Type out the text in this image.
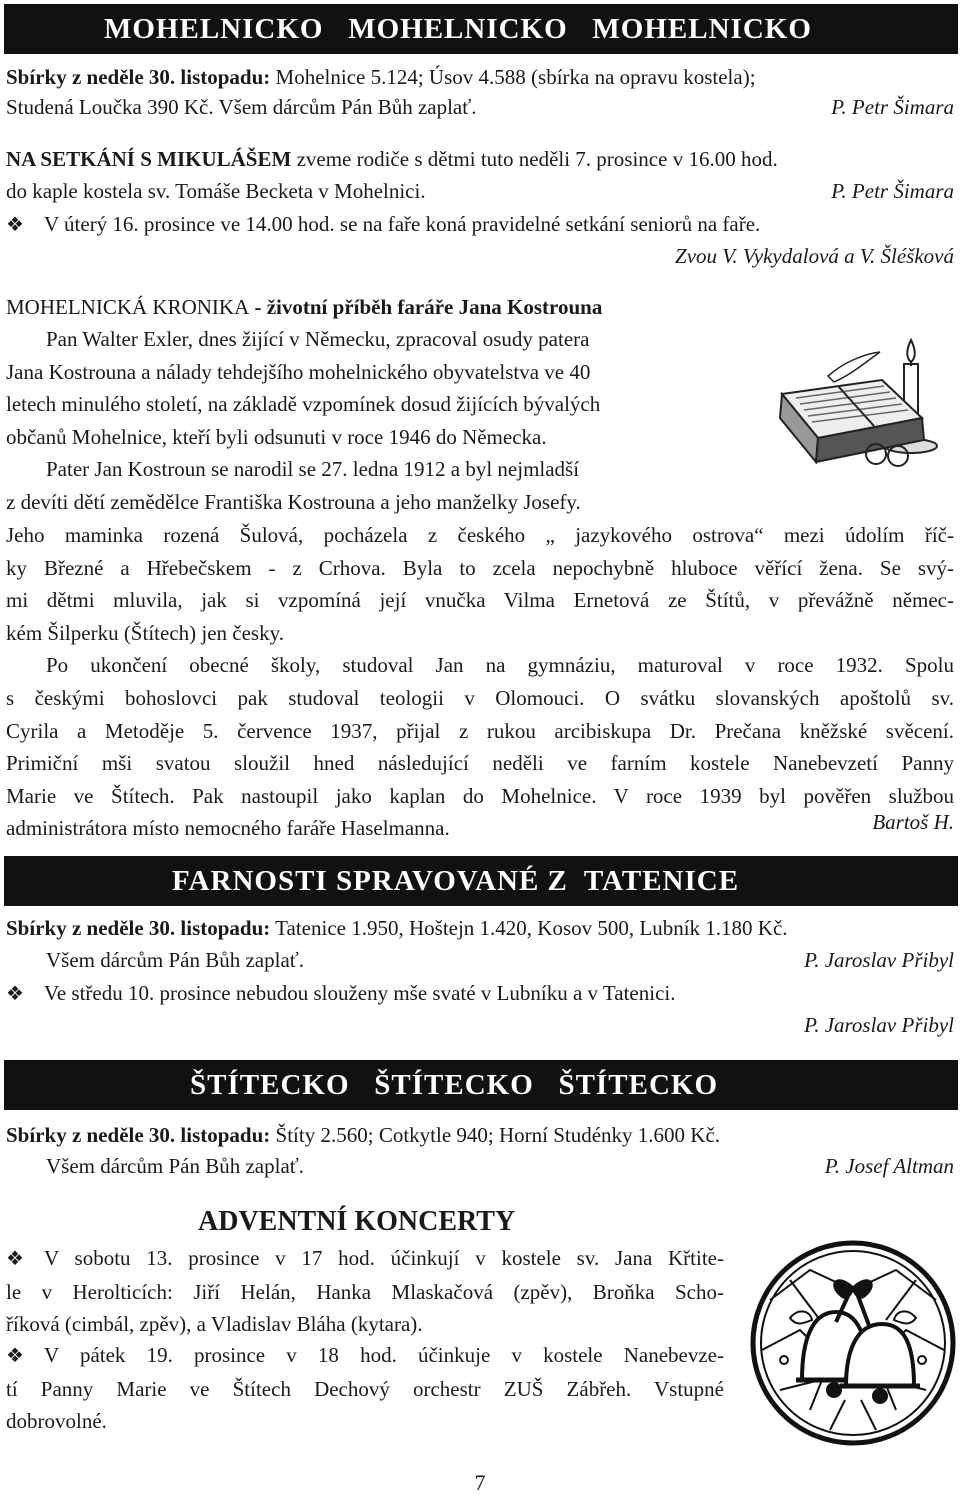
MOHELNICKO   MOHELNICKO   MOHELNICKO
Sbírky z neděle 30. listopadu: Mohelnice 5.124; Úsov 4.588 (sbírka na opravu kostela);
Studená Loučka 390 Kč. Všem dárcům Pán Bůh zaplať.	P. Petr Šimara
NA SETKÁNÍ S MIKULÁŠEM zveme rodiče s dětmi tuto neděli 7. prosince v 16.00 hod.
do kaple kostela sv. Tomáše Becketa v Mohelnici.	P. Petr Šimara
❖ V úterý 16. prosince ve 14.00 hod. se na faře koná pravidelné setkání seniorů na faře.
Zvou V. Vykydalová a V. Šléšková
MOHELNICKÁ KRONIKA - životní příběh faráře Jana Kostrouna

Pan Walter Exler, dnes žijící v Německu, zpracoval osudy patera

Jana Kostrouna a nálady tehdejšího mohelnického obyvatelstva ve 40

letech minulého století, na základě vzpomínek dosud žijících bývalých

občanů Mohelnice, kteří byli odsunuti v roce 1946 do Německa.

Pater Jan Kostroun se narodil se 27. ledna 1912 a byl nejmladší

z devíti dětí zemědělce Františka Kostrouna a jeho manželky Josefy.

Jeho maminka rozená Šulová, pocházela z českého „ jazykového ostrova“ mezi údolím říč-

ky Březné a Hřebečskem - z Crhova. Byla to zcela nepochybně hluboce věřící žena. Se svý-

mi dětmi mluvila, jak si vzpomíná její vnučka Vilma Ernetová ze Štítů, v převážně němec-

kém Šilperku (Štítech) jen česky.

Po ukončení obecné školy, studoval Jan na gymnáziu, maturoval v roce 1932. Spolu

s českými bohoslovci pak studoval teologii v Olomouci. O svátku slovanských apoštolů sv.

Cyrila a Metoděje 5. července 1937, přijal z rukou arcibiskupa Dr. Prečana kněžské svěcení.

Primiční mši svatou sloužil hned následující neděli ve farním kostele Nanebevzetí Panny

Marie ve Štítech. Pak nastoupil jako kaplan do Mohelnice. V roce 1939 byl pověřen službou

administrátora místo nemocného faráře Haselmanna.	Bartoš H.
FARNOSTI SPRAVOVANÉ Z  TATENICE
Sbírky z neděle 30. listopadu: Tatenice 1.950, Hoštejn 1.420, Kosov 500, Lubník 1.180 Kč.
Všem dárcům Pán Bůh zaplať.	P. Jaroslav Přibyl
❖ Ve středu 10. prosince nebudou slouženy mše svaté v Lubníku a v Tatenici.
P. Jaroslav Přibyl
ŠTÍTECKO   ŠTÍTECKO   ŠTÍTECKO
Sbírky z neděle 30. listopadu: Štíty 2.560; Cotkytle 940; Horní Studénky 1.600 Kč.
Všem dárcům Pán Bůh zaplať.	P. Josef Altman
ADVENTNÍ KONCERTY

❖ V sobotu 13. prosince v 17 hod. účinkují v kostele sv. Jana Křtite-

le v Herolticích: Jiří Helán, Hanka Mlaskačová (zpěv), Broňka Scho-

říková (cimbál, zpěv), a Vladislav Bláha (kytara).

❖ V pátek 19. prosince v 18 hod. účinkuje v kostele Nanebevze-

tí Panny Marie ve Štítech Dechový orchestr ZUŠ Zábřeh. Vstupné

dobrovolné.

7
